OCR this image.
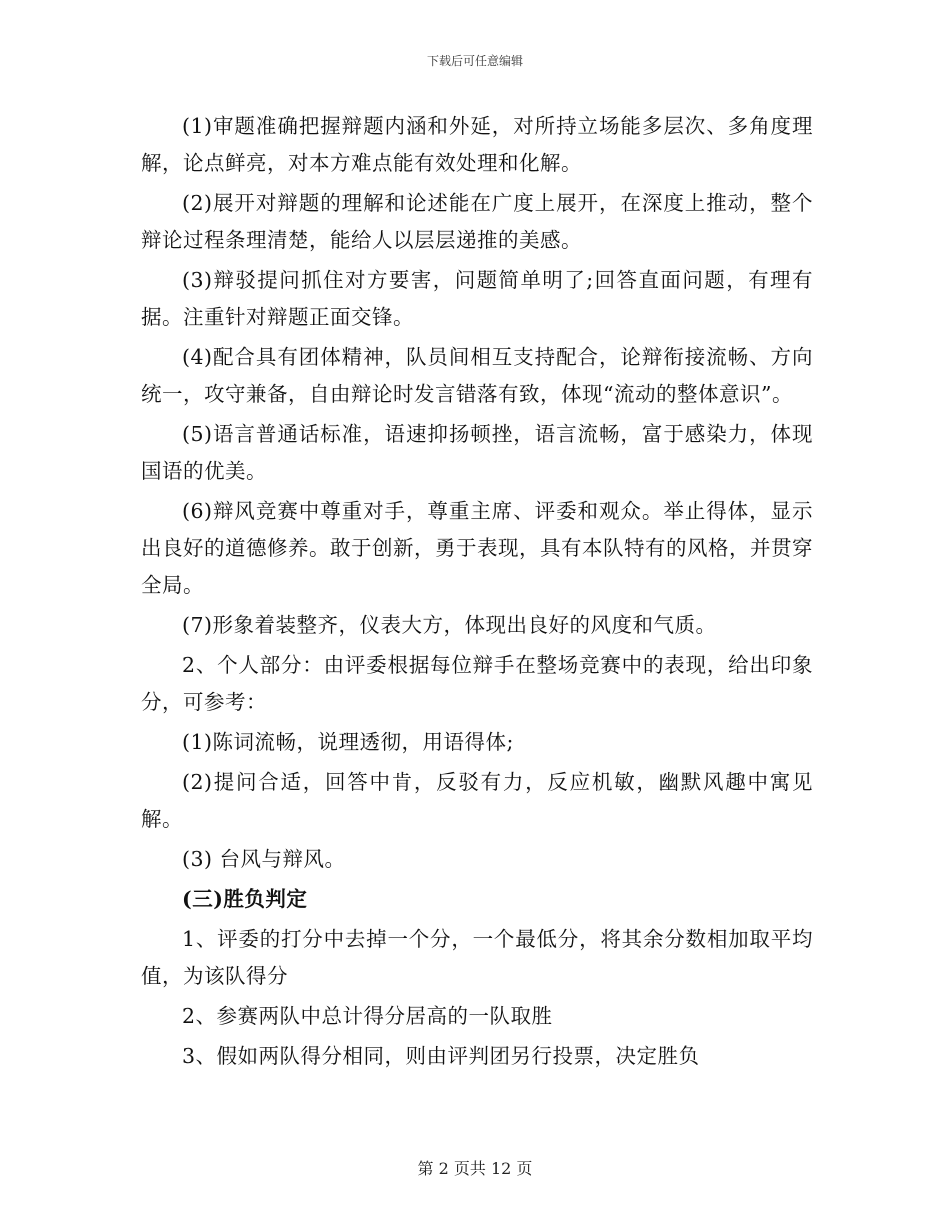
下载后可任意编辑

(1)审题准确把握辩题内涵和外延，对所持立场能多层次、多角度理解，论点鲜亮，对本方难点能有效处理和化解。

(2)展开对辩题的理解和论述能在广度上展开，在深度上推动，整个辩论过程条理清楚，能给人以层层递推的美感。

(3)辩驳提问抓住对方要害，问题简单明了;回答直面问题，有理有据。注重针对辩题正面交锋。

(4)配合具有团体精神，队员间相互支持配合，论辩衔接流畅、方向统一，攻守兼备，自由辩论时发言错落有致，体现“流动的整体意识”。

(5)语言普通话标准，语速抑扬顿挫，语言流畅，富于感染力，体现国语的优美。

(6)辩风竞赛中尊重对手，尊重主席、评委和观众。举止得体，显示出良好的道德修养。敢于创新，勇于表现，具有本队特有的风格，并贯穿全局。

(7)形象着装整齐，仪表大方，体现出良好的风度和气质。

2、个人部分：由评委根据每位辩手在整场竞赛中的表现，给出印象分，可参考：

(1)陈词流畅，说理透彻，用语得体;

(2)提问合适，回答中肯，反驳有力，反应机敏，幽默风趣中寓见解。

(3) 台风与辩风。

(三)胜负判定

1、评委的打分中去掉一个分，一个最低分，将其余分数相加取平均值，为该队得分

2、参赛两队中总计得分居高的一队取胜

3、假如两队得分相同，则由评判团另行投票，决定胜负

第 2 页共 12 页
